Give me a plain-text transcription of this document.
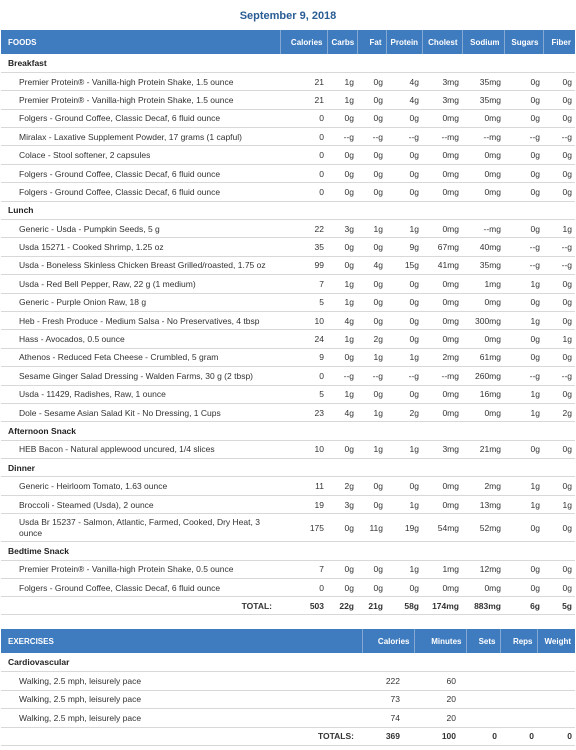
September 9, 2018
FOODS	Calories	Carbs	Fat	Protein	Cholest	Sodium	Sugars	Fiber
Breakfast								
Premier Protein® - Vanilla-high Protein Shake, 1.5 ounce	21	1g	0g	4g	3mg	35mg	0g	0g
Premier Protein® - Vanilla-high Protein Shake, 1.5 ounce	21	1g	0g	4g	3mg	35mg	0g	0g
Folgers - Ground Coffee, Classic Decaf, 6 fluid ounce	0	0g	0g	0g	0mg	0mg	0g	0g
Miralax - Laxative Supplement Powder, 17 grams (1 capful)	0	--g	--g	--g	--mg	--mg	--g	--g
Colace - Stool softener, 2 capsules	0	0g	0g	0g	0mg	0mg	0g	0g
Folgers - Ground Coffee, Classic Decaf, 6 fluid ounce	0	0g	0g	0g	0mg	0mg	0g	0g
Folgers - Ground Coffee, Classic Decaf, 6 fluid ounce	0	0g	0g	0g	0mg	0mg	0g	0g
Lunch								
Generic - Usda - Pumpkin Seeds, 5 g	22	3g	1g	1g	0mg	--mg	0g	1g
Usda 15271 - Cooked Shrimp, 1.25 oz	35	0g	0g	9g	67mg	40mg	--g	--g
Usda - Boneless Skinless Chicken Breast Grilled/roasted, 1.75 oz	99	0g	4g	15g	41mg	35mg	--g	--g
Usda - Red Bell Pepper, Raw, 22 g (1 medium)	7	1g	0g	0g	0mg	1mg	1g	0g
Generic - Purple Onion Raw, 18 g	5	1g	0g	0g	0mg	0mg	0g	0g
Heb - Fresh Produce - Medium Salsa - No Preservatives, 4 tbsp	10	4g	0g	0g	0mg	300mg	1g	0g
Hass - Avocados, 0.5 ounce	24	1g	2g	0g	0mg	0mg	0g	1g
Athenos - Reduced Feta Cheese - Crumbled, 5 gram	9	0g	1g	1g	2mg	61mg	0g	0g
Sesame Ginger Salad Dressing - Walden Farms, 30 g (2 tbsp)	0	--g	--g	--g	--mg	260mg	--g	--g
Usda - 11429, Radishes, Raw, 1 ounce	5	1g	0g	0g	0mg	16mg	1g	0g
Dole - Sesame Asian Salad Kit - No Dressing, 1 Cups	23	4g	1g	2g	0mg	0mg	1g	2g
Afternoon Snack								
HEB Bacon - Natural applewood uncured, 1/4 slices	10	0g	1g	1g	3mg	21mg	0g	0g
Dinner								
Generic - Heirloom Tomato, 1.63 ounce	11	2g	0g	0g	0mg	2mg	1g	0g
Broccoli - Steamed (Usda), 2 ounce	19	3g	0g	1g	0mg	13mg	1g	1g
Usda Br 15237 - Salmon, Atlantic, Farmed, Cooked, Dry Heat, 3 ounce	175	0g	11g	19g	54mg	52mg	0g	0g
Bedtime Snack								
Premier Protein® - Vanilla-high Protein Shake, 0.5 ounce	7	0g	0g	1g	1mg	12mg	0g	0g
Folgers - Ground Coffee, Classic Decaf, 6 fluid ounce	0	0g	0g	0g	0mg	0mg	0g	0g
TOTAL:	503	22g	21g	58g	174mg	883mg	6g	5g
EXERCISES	Calories	Minutes	Sets	Reps	Weight
Cardiovascular					
Walking, 2.5 mph, leisurely pace	222	60			
Walking, 2.5 mph, leisurely pace	73	20			
Walking, 2.5 mph, leisurely pace	74	20			
TOTALS:	369	100	0	0	0
